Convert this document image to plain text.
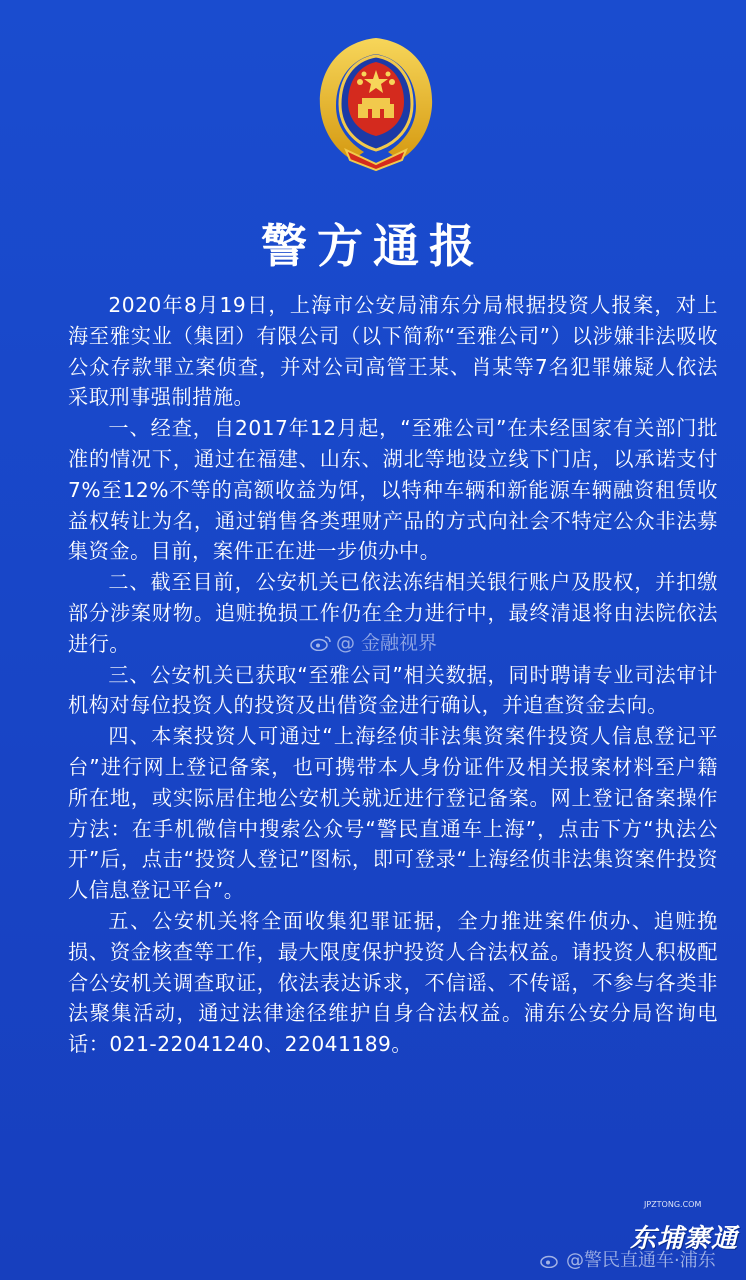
警方通报

2020年8月19日，上海市公安局浦东分局根据投资人报案，对上海至雅实业（集团）有限公司（以下简称“至雅公司”）以涉嫌非法吸收公众存款罪立案侦查，并对公司高管王某、肖某等7名犯罪嫌疑人依法采取刑事强制措施。

一、经查，自2017年12月起，“至雅公司”在未经国家有关部门批准的情况下，通过在福建、山东、湖北等地设立线下门店，以承诺支付7%至12%不等的高额收益为饵，以特种车辆和新能源车辆融资租赁收益权转让为名，通过销售各类理财产品的方式向社会不特定公众非法募集资金。目前，案件正在进一步侦办中。

二、截至目前，公安机关已依法冻结相关银行账户及股权，并扣缴部分涉案财物。追赃挽损工作仍在全力进行中，最终清退将由法院依法进行。

三、公安机关已获取“至雅公司”相关数据，同时聘请专业司法审计机构对每位投资人的投资及出借资金进行确认，并追查资金去向。

四、本案投资人可通过“上海经侦非法集资案件投资人信息登记平台”进行网上登记备案，也可携带本人身份证件及相关报案材料至户籍所在地，或实际居住地公安机关就近进行登记备案。网上登记备案操作方法：在手机微信中搜索公众号“警民直通车上海”，点击下方“执法公开”后，点击“投资人登记”图标，即可登录“上海经侦非法集资案件投资人信息登记平台”。

五、公安机关将全面收集犯罪证据，全力推进案件侦办、追赃挽损、资金核查等工作，最大限度保护投资人合法权益。请投资人积极配合公安机关调查取证，依法表达诉求，不信谣、不传谣，不参与各类非法聚集活动，通过法律途径维护自身合法权益。浦东公安分局咨询电话：021-22041240、22041189。

@ 金融视界
JPZTONG.COM
东埔寨通
@警民直通车·浦东
